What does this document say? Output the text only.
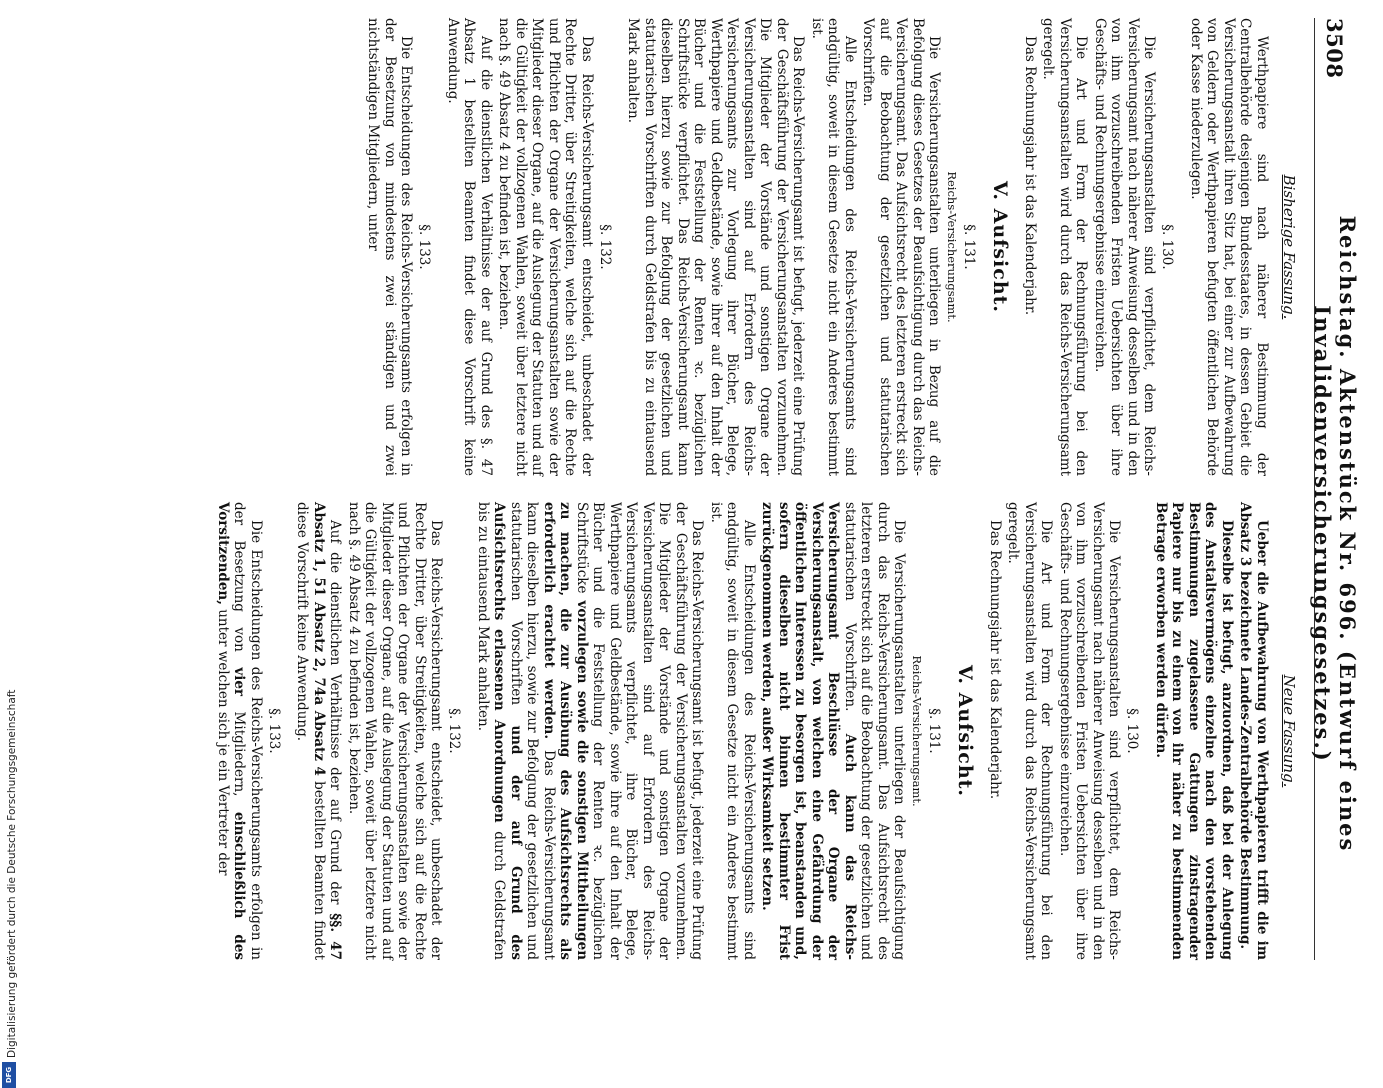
3508
Reichstag. Aktenstück Nr. 696. (Entwurf eines Invalidenversicherungsgesetzes.)
Bisherige Fassung.

Werthpapiere sind nach näherer Bestimmung der Centralbehörde desjenigen Bundesstaates, in dessen Gebiet die Versicherungsanstalt ihren Sitz hat, bei einer zur Aufbewahrung von Geldern oder Werthpapieren befugten öffentlichen Behörde oder Kasse niederzulegen.

§. 130.

Die Versicherungsanstalten sind verpflichtet, dem Reichs-Versicherungsamt nach näherer Anweisung desselben und in den von ihm vorzuschreibenden Fristen Uebersichten über ihre Geschäfts- und Rechnungsergebnisse einzureichen.

Die Art und Form der Rechnungsführung bei den Versicherungsanstalten wird durch das Reichs-Versicherungsamt geregelt.

Das Rechnungsjahr ist das Kalenderjahr.

V. Aufsicht.
§. 131.
Reichs-Versicherungsamt.

Die Versicherungsanstalten unterliegen in Bezug auf die Befolgung dieses Gesetzes der Beaufsichtigung durch das Reichs-Versicherungsamt. Das Aufsichtsrecht des letzteren erstreckt sich auf die Beobachtung der gesetzlichen und statutarischen Vorschriften.

Alle Entscheidungen des Reichs-Versicherungsamts sind endgültig, soweit in diesem Gesetze nicht ein Anderes bestimmt ist.

Das Reichs-Versicherungsamt ist befugt, jederzeit eine Prüfung der Geschäftsführung der Versicherungsanstalten vorzunehmen. Die Mitglieder der Vorstände und sonstigen Organe der Versicherungsanstalten sind auf Erfordern des Reichs-Versicherungsamts zur Vorlegung ihrer Bücher, Belege, Werthpapiere und Geldbestände, sowie ihrer auf den Inhalt der Bücher und die Feststellung der Renten ꝛc. bezüglichen Schriftstücke verpflichtet. Das Reichs-Versicherungsamt kann dieselben hierzu sowie zur Befolgung der gesetzlichen und statutarischen Vorschriften durch Geldstrafen bis zu eintausend Mark anhalten.

§. 132.

Das Reichs-Versicherungsamt entscheidet, unbeschadet der Rechte Dritter, über Streitigkeiten, welche sich auf die Rechte und Pflichten der Organe der Versicherungsanstalten sowie der Mitglieder dieser Organe, auf die Auslegung der Statuten und auf die Gültigkeit der vollzogenen Wahlen, soweit über letztere nicht nach §. 49 Absatz 4 zu befinden ist, beziehen.

Auf die dienstlichen Verhältnisse der auf Grund des §. 47 Absatz 1 bestellten Beamten findet diese Vorschrift keine Anwendung.

§. 133.

Die Entscheidungen des Reichs-Versicherungsamts erfolgen in der Besetzung von mindestens zwei ständigen und zwei nichtständigen Mitgliedern, unter

Neue Fassung.

Ueber die Aufbewahrung von Werthpapieren trifft die im Absatz 3 bezeichnete Landes-Zentralbehörde Bestimmung.

Dieselbe ist befugt, anzuordnen, daß bei der Anlegung des Anstaltsvermögens einzelne nach den vorstehenden Bestimmungen zugelassene Gattungen zinstragender Papiere nur bis zu einem von ihr näher zu bestimmenden Betrage erworben werden dürfen.

§. 130.

Die Versicherungsanstalten sind verpflichtet, dem Reichs-Versicherungsamt nach näherer Anweisung desselben und in den von ihm vorzuschreibenden Fristen Uebersichten über ihre Geschäfts- und Rechnungsergebnisse einzureichen.

Die Art und Form der Rechnungsführung bei den Versicherungsanstalten wird durch das Reichs-Versicherungsamt geregelt.

Das Rechnungsjahr ist das Kalenderjahr.

V. Aufsicht.
§. 131.
Reichs-Versicherungsamt.

Die Versicherungsanstalten unterliegen der Beaufsichtigung durch das Reichs-Versicherungsamt. Das Aufsichtsrecht des letzteren erstreckt sich auf die Beobachtung der gesetzlichen und statutarischen Vorschriften. Auch kann das Reichs-Versicherungsamt Beschlüsse der Organe der Versicherungsanstalt, von welchen eine Gefährdung der öffentlichen Interessen zu besorgen ist, beanstanden und, sofern dieselben nicht binnen bestimmter Frist zurückgenommen werden, außer Wirksamkeit setzen.

Alle Entscheidungen des Reichs-Versicherungsamts sind endgültig, soweit in diesem Gesetze nicht ein Anderes bestimmt ist.

Das Reichs-Versicherungsamt ist befugt, jederzeit eine Prüfung der Geschäftsführung der Versicherungsanstalten vorzunehmen. Die Mitglieder der Vorstände und sonstigen Organe der Versicherungsanstalten sind auf Erfordern des Reichs-Versicherungsamts verpflichtet, ihre Bücher, Belege, Werthpapiere und Geldbestände, sowie ihre auf den Inhalt der Bücher und die Feststellung der Renten ꝛc. bezüglichen Schriftstücke vorzulegen sowie die sonstigen Mittheilungen zu machen, die zur Ausübung des Aufsichtsrechts als erforderlich erachtet werden. Das Reichs-Versicherungsamt kann dieselben hierzu, sowie zur Befolgung der gesetzlichen und statutarischen Vorschriften und der auf Grund des Aufsichtsrechts erlassenen Anordnungen durch Geldstrafen bis zu eintausend Mark anhalten.

§. 132.

Das Reichs-Versicherungsamt entscheidet, unbeschadet der Rechte Dritter, über Streitigkeiten, welche sich auf die Rechte und Pflichten der Organe der Versicherungsanstalten sowie der Mitglieder dieser Organe, auf die Auslegung der Statuten und auf die Gültigkeit der vollzogenen Wahlen, soweit über letztere nicht nach §. 49 Absatz 4 zu befinden ist, beziehen.

Auf die dienstlichen Verhältnisse der auf Grund der §§. 47 Absatz 1, 51 Absatz 2, 74a Absatz 4 bestellten Beamten findet diese Vorschrift keine Anwendung.

§. 133.

Die Entscheidungen des Reichs-Versicherungsamts erfolgen in der Besetzung von vier Mitgliedern, einschließlich des Vorsitzenden, unter welchen sich je ein Vertreter der

Digitalisierung gefördert durch die Deutsche Forschungsgemeinschaft
DFG
